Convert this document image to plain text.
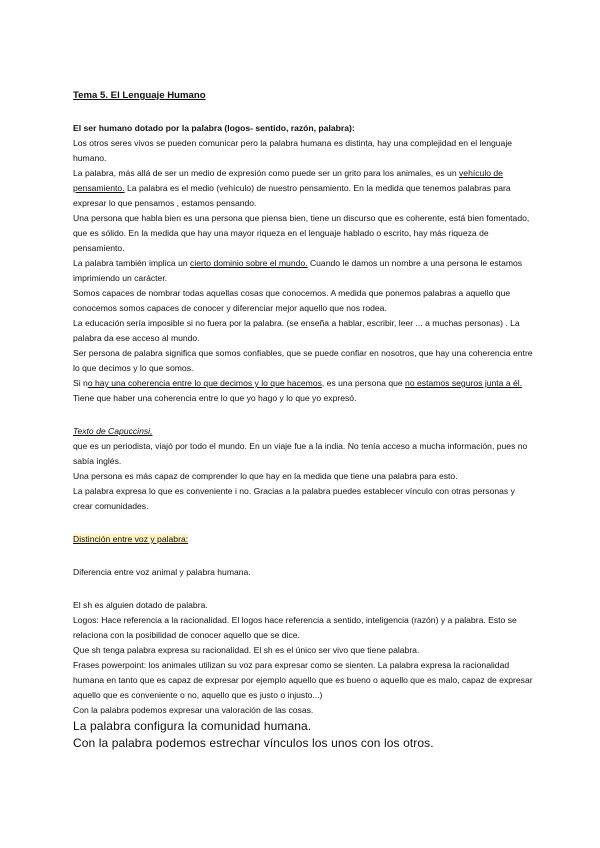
Tema 5. El Lenguaje Humano

El ser humano dotado por la palabra (logos- sentido, razón, palabra):

Los otros seres vivos se pueden comunicar pero la palabra humana es distinta, hay una complejidad en el lenguaje humano.

La palabra, más allá de ser un medio de expresión como puede ser un grito para los animales, es un vehículo de pensamiento. La palabra es el medio (vehículo) de nuestro pensamiento. En la medida que tenemos palabras para expresar lo que pensamos , estamos pensando.

Una persona que habla bien es una persona que piensa bien, tiene un discurso que es coherente, está bien fomentado, que es sólido. En la medida que hay una mayor riqueza en el lenguaje hablado o escrito, hay más riqueza de pensamiento.

La palabra también implica un cierto dominio sobre el mundo. Cuando le damos un nombre a una persona le estamos imprimiendo un carácter.

Somos capaces de nombrar todas aquellas cosas que conocemos. A medida que ponemos palabras a aquello que conocemos somos capaces de conocer y diferenciar mejor aquello que nos rodea.

La educación sería imposible si no fuera por la palabra. (se enseña a hablar, escribir, leer ... a muchas personas) . La palabra da ese acceso al mundo.

Ser persona de palabra significa que somos confiables, que se puede confiar en nosotros, que hay una coherencia entre lo que decimos y lo que somos.

Si no hay una coherencia entre lo que decimos y lo que hacemos, es una persona que no estamos seguros junta a él.

Tiene que haber una coherencia entre lo que yo hago y lo que yo expresó.

Texto de Capuccinsi,

que es un periodista, viajó por todo el mundo. En un viaje fue a la india. No tenía acceso a mucha información, pues no sabía inglés.

Una persona es más capaz de comprender lo que hay en la medida que tiene una palabra para esto.

La palabra expresa lo que es conveniente i no. Gracias a la palabra puedes establecer vínculo con otras personas y crear comunidades.

Distinción entre voz y palabra:

Diferencia entre voz animal y palabra humana.

El sh es alguien dotado de palabra.

Logos: Hace referencia a la racionalidad. El logos hace referencia a sentido, inteligencia (razón) y a palabra. Esto se relaciona con la posibilidad de conocer aquello que se dice.

Que sh tenga palabra expresa su racionalidad. El sh es el único ser vivo que tiene palabra.

Frases powerpoint: los animales utilizan su voz para expresar como se sienten. La palabra expresa la racionalidad humana en tanto que es capaz de expresar por ejemplo aquello que es bueno o aquello que es malo, capaz de expresar aquello que es conveniente o no, aquello que es justo o injusto...)

Con la palabra podemos expresar una valoración de las cosas.

La palabra configura la comunidad humana.

Con la palabra podemos estrechar vínculos los unos con los otros.
